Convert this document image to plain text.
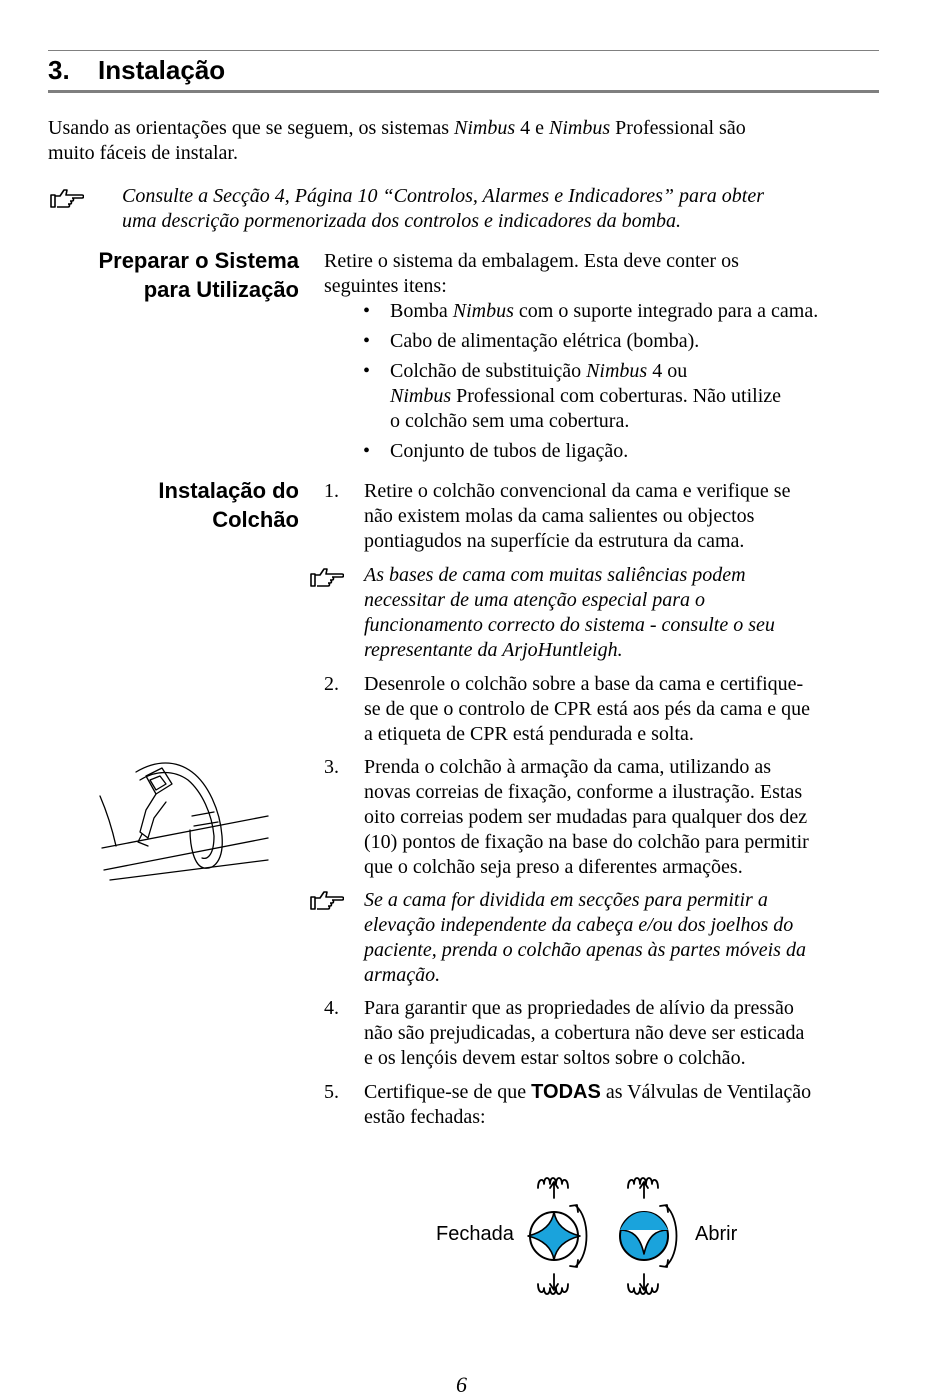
3. Instalação
Usando as orientações que se seguem, os sistemas Nimbus 4 e Nimbus Professional são
muito fáceis de instalar.
Consulte a Secção 4, Página 10 “Controlos, Alarmes e Indicadores” para obter
uma descrição pormenorizada dos controlos e indicadores da bomba.
Preparar o Sistema
para Utilização
Retire o sistema da embalagem. Esta deve conter os
seguintes itens:
• Bomba Nimbus com o suporte integrado para a cama.
• Cabo de alimentação elétrica (bomba).
• Colchão de substituição Nimbus 4 ou
Nimbus Professional com coberturas. Não utilize
o colchão sem uma cobertura.
• Conjunto de tubos de ligação.
Instalação do
Colchão
1. Retire o colchão convencional da cama e verifique se
não existem molas da cama salientes ou objectos
pontiagudos na superfície da estrutura da cama.
As bases de cama com muitas saliências podem
necessitar de uma atenção especial para o
funcionamento correcto do sistema - consulte o seu
representante da ArjoHuntleigh.
2. Desenrole o colchão sobre a base da cama e certifique-
se de que o controlo de CPR está aos pés da cama e que
a etiqueta de CPR está pendurada e solta.
3. Prenda o colchão à armação da cama, utilizando as
novas correias de fixação, conforme a ilustração. Estas
oito correias podem ser mudadas para qualquer dos dez
(10) pontos de fixação na base do colchão para permitir
que o colchão seja preso a diferentes armações.
Se a cama for dividida em secções para permitir a
elevação independente da cabeça e/ou dos joelhos do
paciente, prenda o colchão apenas às partes móveis da
armação.
4. Para garantir que as propriedades de alívio da pressão
não são prejudicadas, a cobertura não deve ser esticada
e os lençóis devem estar soltos sobre o colchão.
5. Certifique-se de que TODAS as Válvulas de Ventilação
estão fechadas:
Fechada	Abrir
6
